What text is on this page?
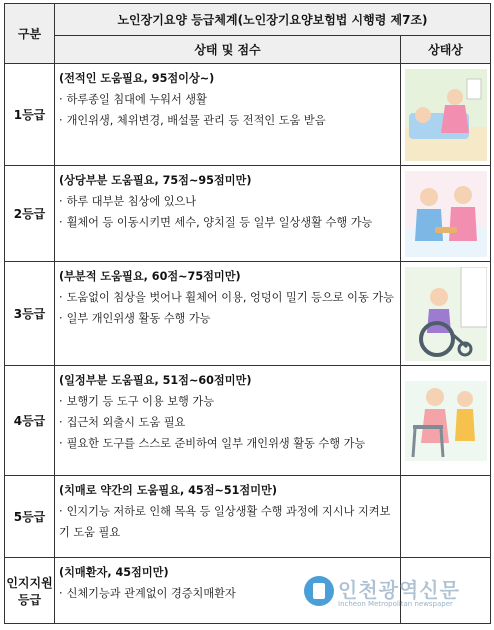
구분	노인장기요양 등급체계(노인장기요양보험법 시행령 제7조)	
	상태 및 점수	상태상
1등급	(전적인 도움필요, 95점이상~)
· 하루종일 침대에 누워서 생활
· 개인위생, 체위변경, 배설물 관리 등 전적인 도움 받음

2등급	(상당부분 도움필요, 75점~95점미만)
· 하루 대부분 침상에 있으나
· 휠체어 등 이동시키면 세수, 양치질 등 일부 일상생활 수행 가능

3등급	(부분적 도움필요, 60점~75점미만)
· 도움없이 침상을 벗어나 휠체어 이용, 엉덩이 밀기 등으로 이동 가능
· 일부 개인위생 활동 수행 가능

4등급	(일정부분 도움필요, 51점~60점미만)
· 보행기 등 도구 이용 보행 가능
· 집근처 외출시 도움 필요
· 필요한 도구를 스스로 준비하여 일부 개인위생 활동 수행 가능

5등급	(치매로 약간의 도움필요, 45점~51점미만)
· 인지기능 저하로 인해 목욕 등 일상생활 수행 과정에 지시나 지켜보기 도움 필요

인지지원등급	(치매환자, 45점미만)
· 신체기능과 관계없이 경증치매환자
		인천광역신문
Incheon Metropolitan newspaper
